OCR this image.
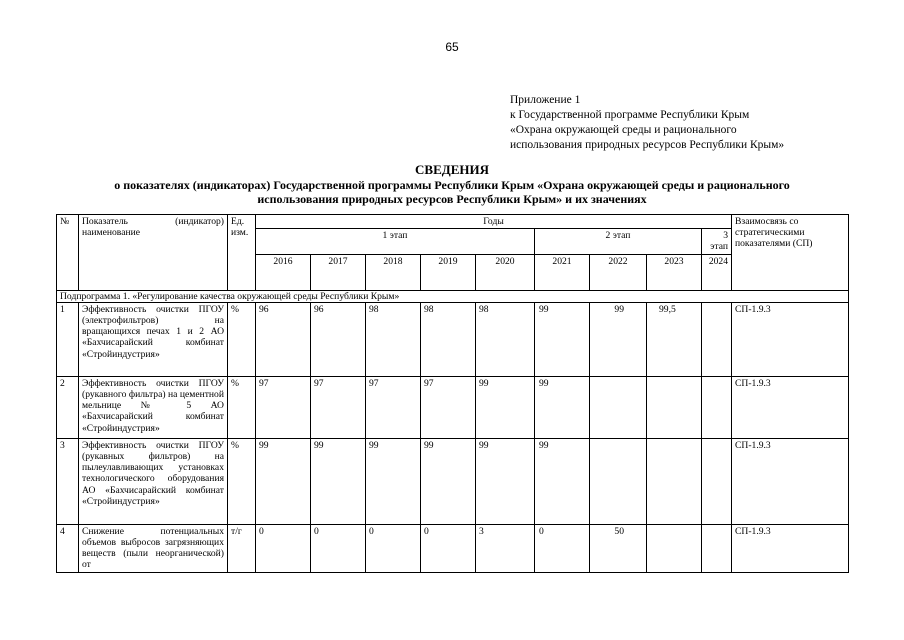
65
Приложение 1
к Государственной программе Республики Крым
«Охрана окружающей среды и рационального
использования природных ресурсов Республики Крым»
СВЕДЕНИЯ
о показателях (индикаторах) Государственной программы Республики Крым «Охрана окружающей среды и рационального
использования природных ресурсов Республики Крым» и их значениях
№	Показатель (индикатор) наименование	Ед. изм.	Годы									Взаимосвязь со стратегическими показателями (СП)
			1 этап					2 этап			3 этап	
			2016	2017	2018	2019	2020	2021	2022	2023	2024	
Подпрограмма 1. «Регулирование качества окружающей среды Республики Крым»												
1	Эффективность очистки ПГОУ (электрофильтров) на вращающихся печах 1 и 2 АО «Бахчисарайский комбинат «Стройиндустрия»	%	96	96	98	98	98	99	99	99,5		СП-1.9.3
2	Эффективность очистки ПГОУ (рукавного фильтра) на цементной мельнице № 5 АО «Бахчисарайский комбинат «Стройиндустрия»	%	97	97	97	97	99	99				СП-1.9.3
3	Эффективность очистки ПГОУ (рукавных фильтров) на пылеулавливающих установках технологического оборудования АО «Бахчисарайский комбинат «Стройиндустрия»	%	99	99	99	99	99	99				СП-1.9.3
4	Снижение потенциальных объемов выбросов загрязняющих веществ (пыли неорганической) от	т/г	0	0	0	0	3	0	50			СП-1.9.3
